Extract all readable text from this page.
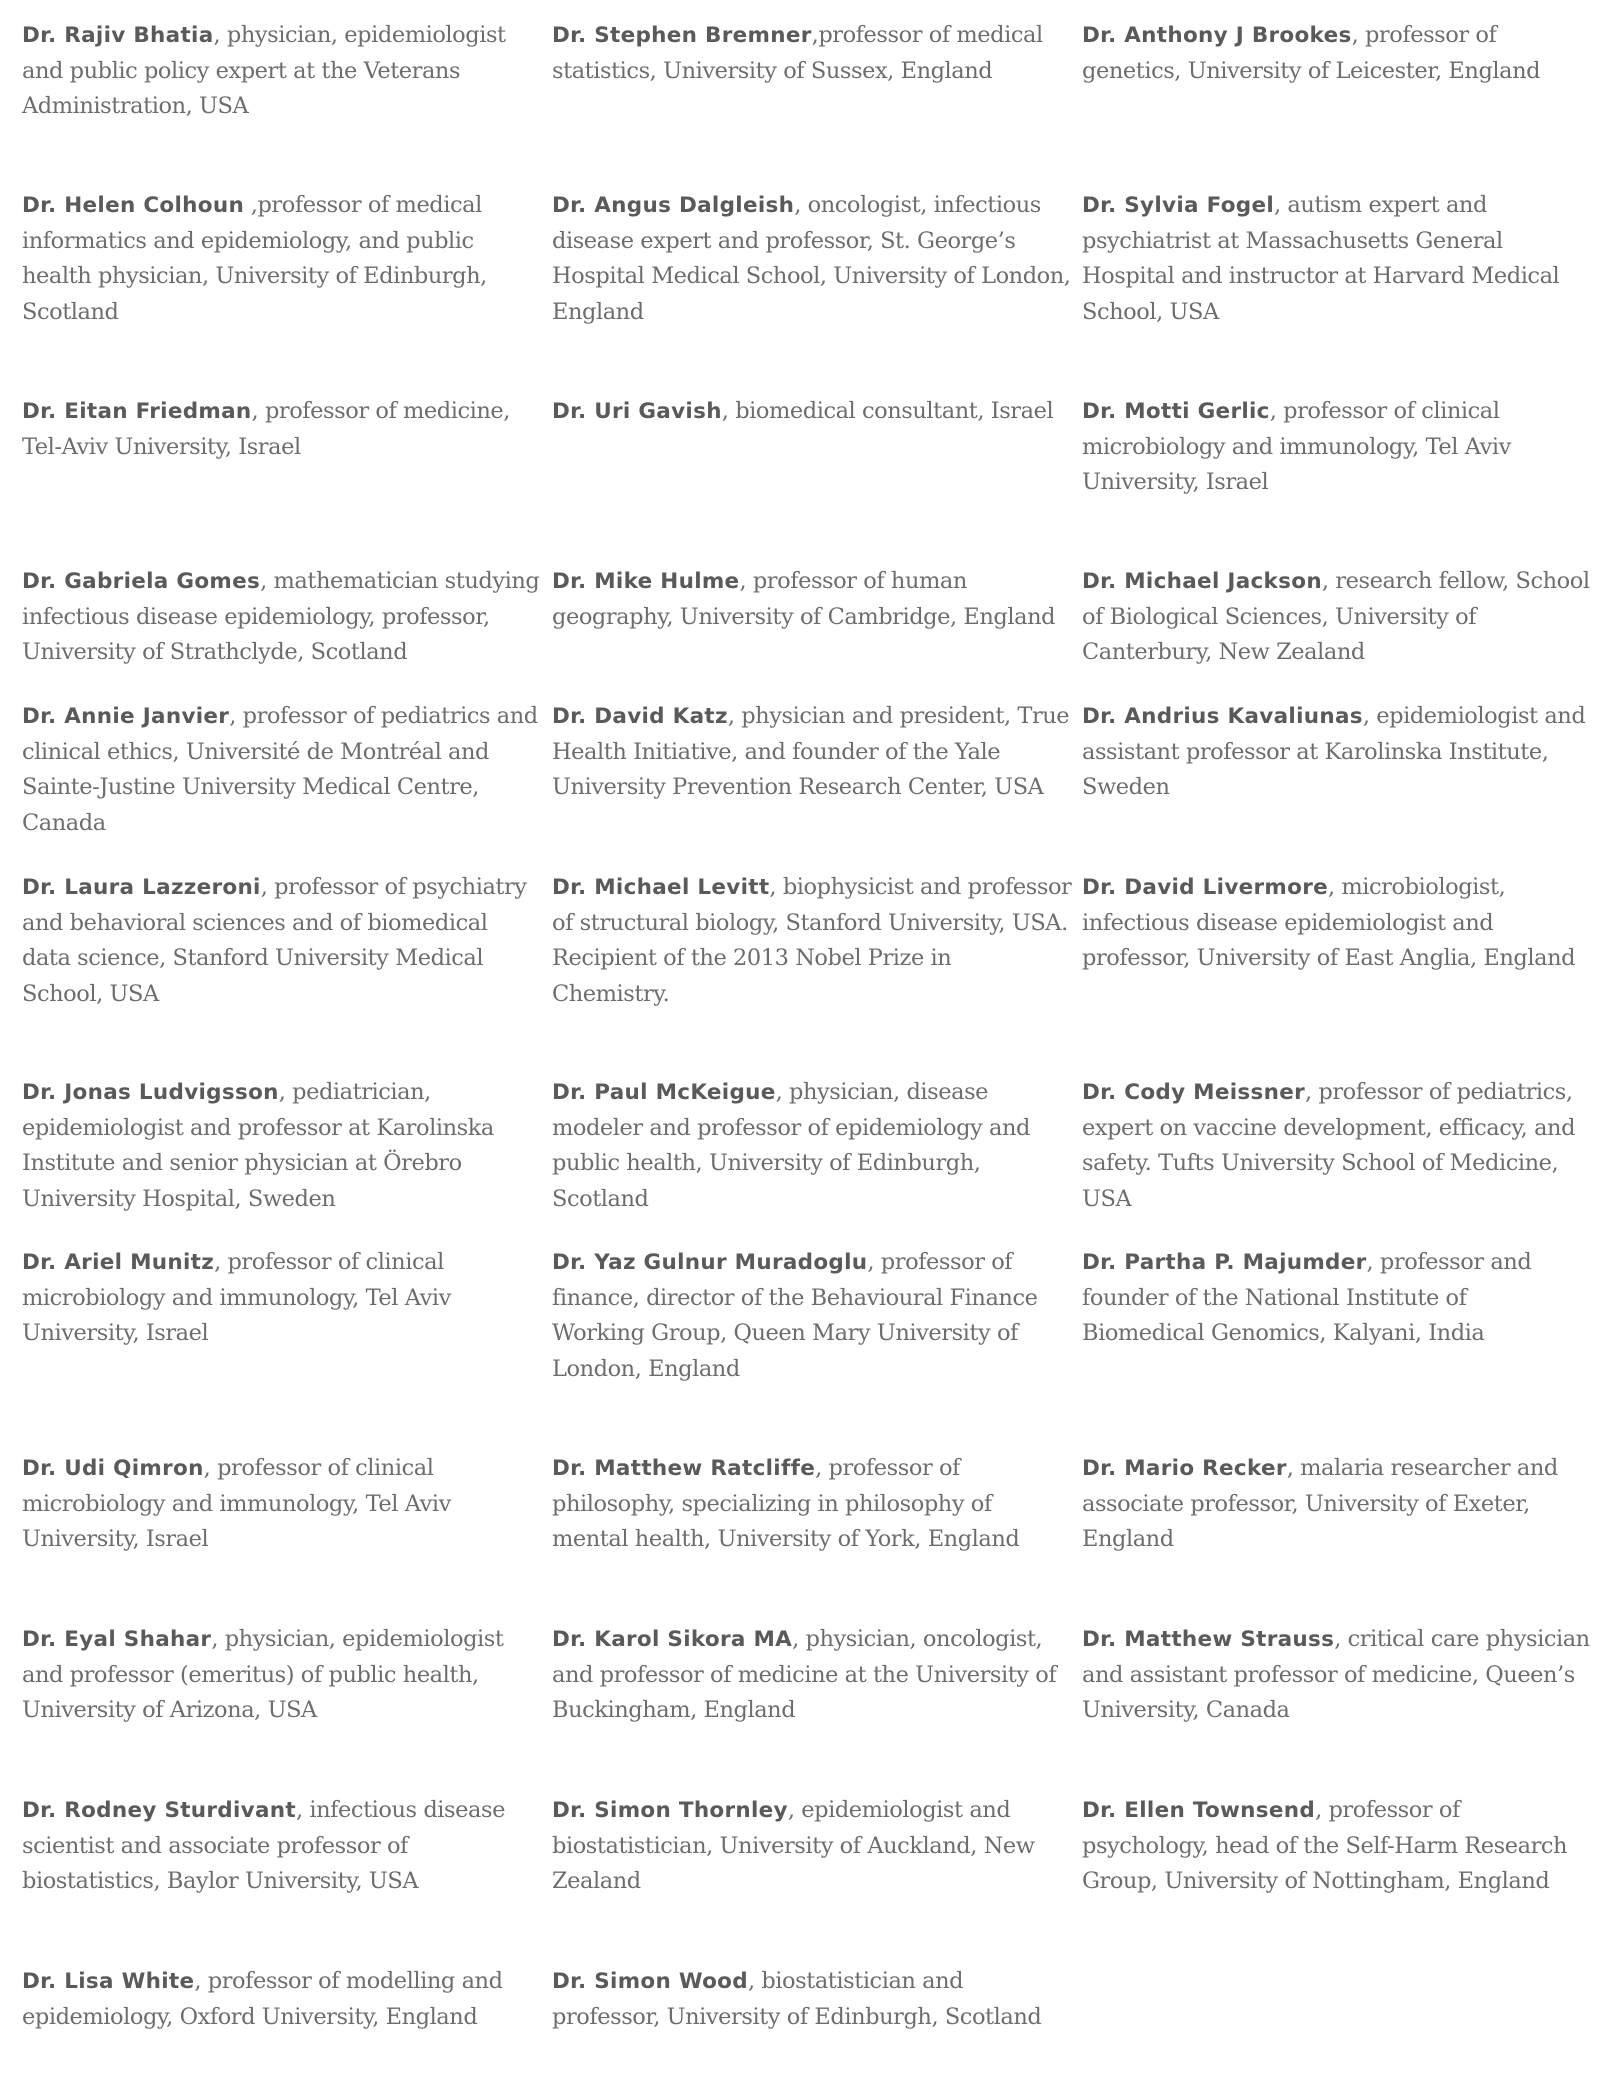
Dr. Rajiv Bhatia, physician, epidemiologist and public policy expert at the Veterans Administration, USA
Dr. Stephen Bremner,professor of medical statistics, University of Sussex, England
Dr. Anthony J Brookes, professor of genetics, University of Leicester, England
Dr. Helen Colhoun ,professor of medical informatics and epidemiology, and public health physician, University of Edinburgh, Scotland
Dr. Angus Dalgleish, oncologist, infectious disease expert and professor, St. George’s Hospital Medical School, University of London, England
Dr. Sylvia Fogel, autism expert and psychiatrist at Massachusetts General Hospital and instructor at Harvard Medical School, USA
Dr. Eitan Friedman, professor of medicine, Tel-Aviv University, Israel
Dr. Uri Gavish, biomedical consultant, Israel	Dr. Motti Gerlic, professor of clinical microbiology and immunology, Tel Aviv University, Israel
Dr. Gabriela Gomes, mathematician studying infectious disease epidemiology, professor, University of Strathclyde, Scotland
Dr. Mike Hulme, professor of human geography, University of Cambridge, England
Dr. Michael Jackson, research fellow, School of Biological Sciences, University of Canterbury, New Zealand
Dr. Annie Janvier, professor of pediatrics and clinical ethics, Université de Montréal and Sainte-Justine University Medical Centre, Canada
Dr. David Katz, physician and president, True Health Initiative, and founder of the Yale University Prevention Research Center, USA
Dr. Andrius Kavaliunas, epidemiologist and assistant professor at Karolinska Institute, Sweden
Dr. Laura Lazzeroni, professor of psychiatry and behavioral sciences and of biomedical data science, Stanford University Medical School, USA
Dr. Michael Levitt, biophysicist and professor of structural biology, Stanford University, USA.
Recipient of the 2013 Nobel Prize in Chemistry.
Dr. David Livermore, microbiologist, infectious disease epidemiologist and professor, University of East Anglia, England
Dr. Jonas Ludvigsson, pediatrician, epidemiologist and professor at Karolinska Institute and senior physician at Örebro University Hospital, Sweden
Dr. Paul McKeigue, physician, disease modeler and professor of epidemiology and public health, University of Edinburgh, Scotland
Dr. Cody Meissner, professor of pediatrics, expert on vaccine development, efficacy, and safety. Tufts University School of Medicine, USA
Dr. Ariel Munitz, professor of clinical microbiology and immunology, Tel Aviv University, Israel
Dr. Yaz Gulnur Muradoglu, professor of finance, director of the Behavioural Finance Working Group, Queen Mary University of London, England
Dr. Partha P. Majumder, professor and founder of the National Institute of Biomedical Genomics, Kalyani, India
Dr. Udi Qimron, professor of clinical microbiology and immunology, Tel Aviv University, Israel
Dr. Matthew Ratcliffe, professor of philosophy, specializing in philosophy of mental health, University of York, England
Dr. Mario Recker, malaria researcher and associate professor, University of Exeter, England
Dr. Eyal Shahar, physician, epidemiologist and professor (emeritus) of public health, University of Arizona, USA
Dr. Karol Sikora MA, physician, oncologist, and professor of medicine at the University of Buckingham, England
Dr. Matthew Strauss, critical care physician and assistant professor of medicine, Queen’s University, Canada
Dr. Rodney Sturdivant, infectious disease scientist and associate professor of biostatistics, Baylor University, USA
Dr. Simon Thornley, epidemiologist and biostatistician, University of Auckland, New Zealand
Dr. Ellen Townsend, professor of psychology, head of the Self-Harm Research Group, University of Nottingham, England
Dr. Lisa White, professor of modelling and epidemiology, Oxford University, England
Dr. Simon Wood, biostatistician and professor, University of Edinburgh, Scotland
